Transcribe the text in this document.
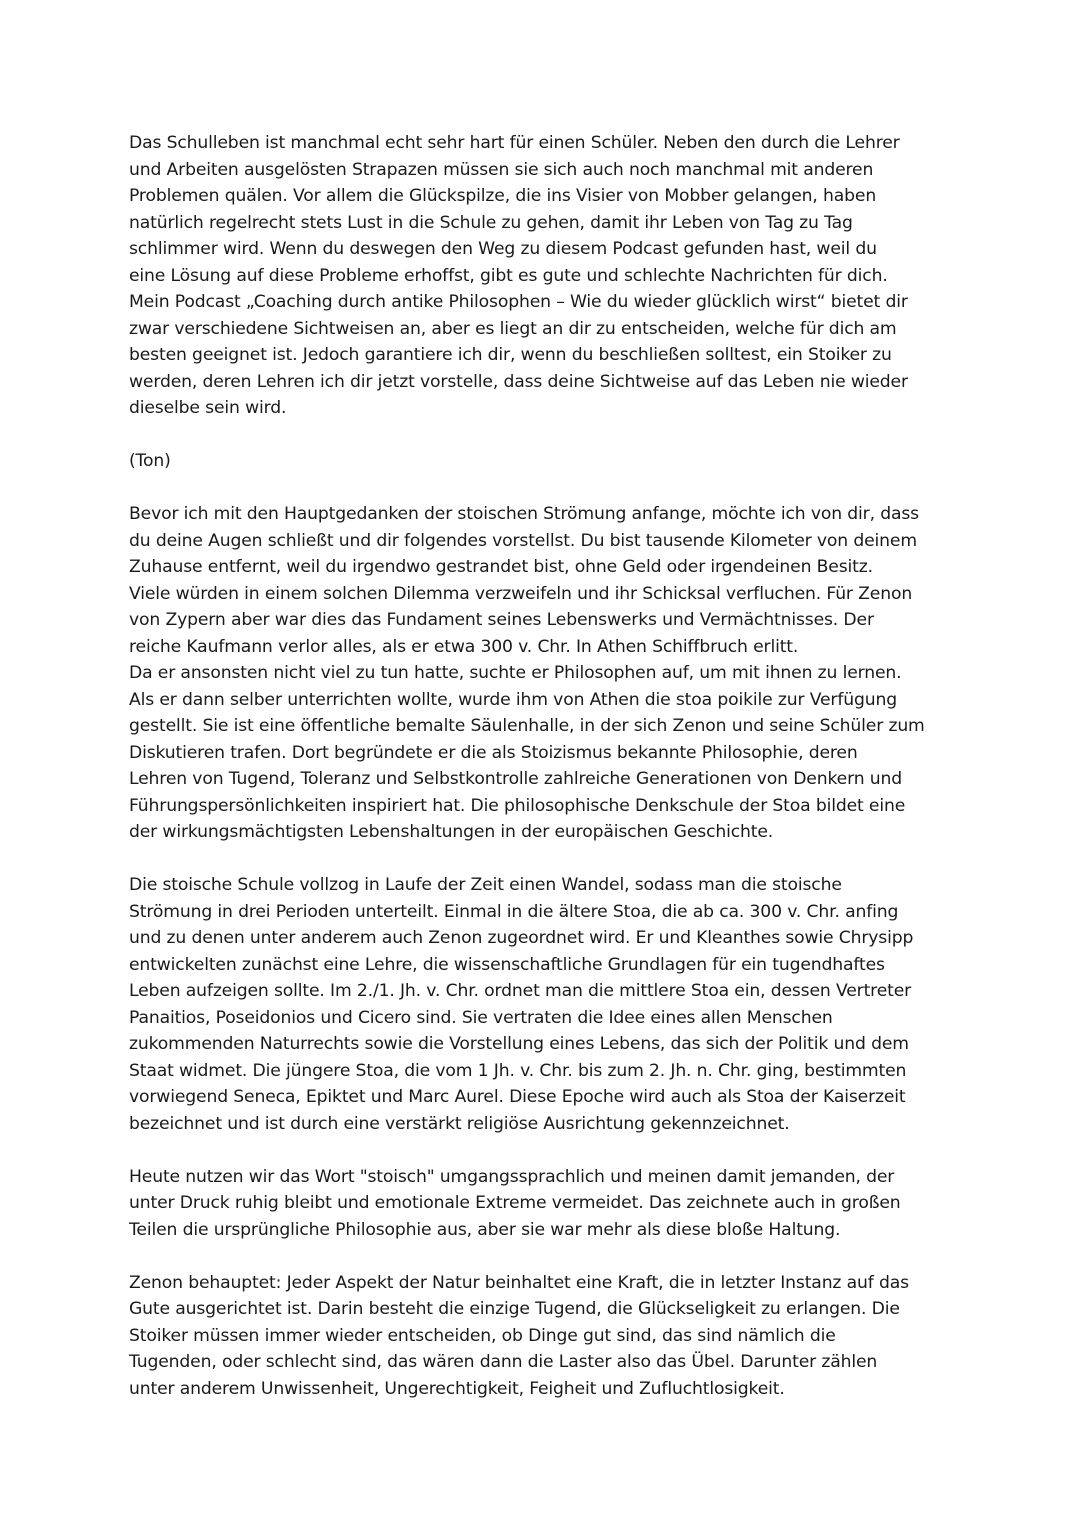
Das Schulleben ist manchmal echt sehr hart für einen Schüler. Neben den durch die Lehrer
und Arbeiten ausgelösten Strapazen müssen sie sich auch noch manchmal mit anderen
Problemen quälen. Vor allem die Glückspilze, die ins Visier von Mobber gelangen, haben
natürlich regelrecht stets Lust in die Schule zu gehen, damit ihr Leben von Tag zu Tag
schlimmer wird. Wenn du deswegen den Weg zu diesem Podcast gefunden hast, weil du
eine Lösung auf diese Probleme erhoffst, gibt es gute und schlechte Nachrichten für dich.
Mein Podcast „Coaching durch antike Philosophen – Wie du wieder glücklich wirst“ bietet dir
zwar verschiedene Sichtweisen an, aber es liegt an dir zu entscheiden, welche für dich am
besten geeignet ist. Jedoch garantiere ich dir, wenn du beschließen solltest, ein Stoiker zu
werden, deren Lehren ich dir jetzt vorstelle, dass deine Sichtweise auf das Leben nie wieder
dieselbe sein wird.
(Ton)
Bevor ich mit den Hauptgedanken der stoischen Strömung anfange, möchte ich von dir, dass
du deine Augen schließt und dir folgendes vorstellst. Du bist tausende Kilometer von deinem
Zuhause entfernt, weil du irgendwo gestrandet bist, ohne Geld oder irgendeinen Besitz.
Viele würden in einem solchen Dilemma verzweifeln und ihr Schicksal verfluchen. Für Zenon
von Zypern aber war dies das Fundament seines Lebenswerks und Vermächtnisses. Der
reiche Kaufmann verlor alles, als er etwa 300 v. Chr. In Athen Schiffbruch erlitt.
Da er ansonsten nicht viel zu tun hatte, suchte er Philosophen auf, um mit ihnen zu lernen.
Als er dann selber unterrichten wollte, wurde ihm von Athen die stoa poikile zur Verfügung
gestellt. Sie ist eine öffentliche bemalte Säulenhalle, in der sich Zenon und seine Schüler zum
Diskutieren trafen. Dort begründete er die als Stoizismus bekannte Philosophie, deren
Lehren von Tugend, Toleranz und Selbstkontrolle zahlreiche Generationen von Denkern und
Führungspersönlichkeiten inspiriert hat. Die philosophische Denkschule der Stoa bildet eine
der wirkungsmächtigsten Lebenshaltungen in der europäischen Geschichte.
Die stoische Schule vollzog in Laufe der Zeit einen Wandel, sodass man die stoische
Strömung in drei Perioden unterteilt. Einmal in die ältere Stoa, die ab ca. 300 v. Chr. anfing
und zu denen unter anderem auch Zenon zugeordnet wird. Er und Kleanthes sowie Chrysipp
entwickelten zunächst eine Lehre, die wissenschaftliche Grundlagen für ein tugendhaftes
Leben aufzeigen sollte. Im 2./1. Jh. v. Chr. ordnet man die mittlere Stoa ein, dessen Vertreter
Panaitios, Poseidonios und Cicero sind. Sie vertraten die Idee eines allen Menschen
zukommenden Naturrechts sowie die Vorstellung eines Lebens, das sich der Politik und dem
Staat widmet. Die jüngere Stoa, die vom 1 Jh. v. Chr. bis zum 2. Jh. n. Chr. ging, bestimmten
vorwiegend Seneca, Epiktet und Marc Aurel. Diese Epoche wird auch als Stoa der Kaiserzeit
bezeichnet und ist durch eine verstärkt religiöse Ausrichtung gekennzeichnet.
Heute nutzen wir das Wort "stoisch" umgangssprachlich und meinen damit jemanden, der
unter Druck ruhig bleibt und emotionale Extreme vermeidet. Das zeichnete auch in großen
Teilen die ursprüngliche Philosophie aus, aber sie war mehr als diese bloße Haltung.
Zenon behauptet: Jeder Aspekt der Natur beinhaltet eine Kraft, die in letzter Instanz auf das
Gute ausgerichtet ist. Darin besteht die einzige Tugend, die Glückseligkeit zu erlangen. Die
Stoiker müssen immer wieder entscheiden, ob Dinge gut sind, das sind nämlich die
Tugenden, oder schlecht sind, das wären dann die Laster also das Übel. Darunter zählen
unter anderem Unwissenheit, Ungerechtigkeit, Feigheit und Zufluchtlosigkeit.
